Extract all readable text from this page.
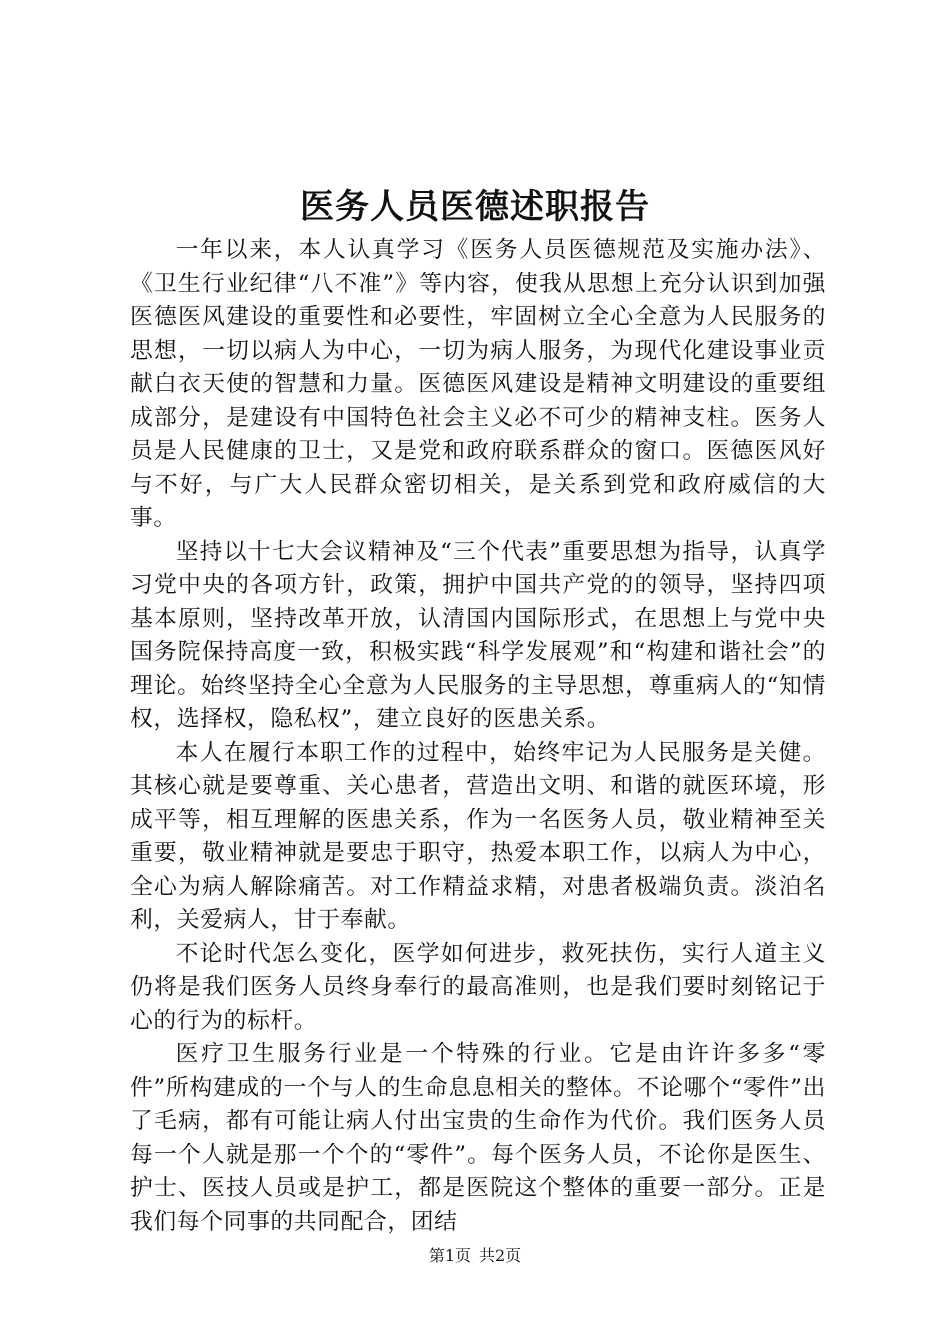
医务人员医德述职报告

一年以来，本人认真学习《医务人员医德规范及实施办法》、《卫生行业纪律“八不准”》等内容，使我从思想上充分认识到加强医德医风建设的重要性和必要性，牢固树立全心全意为人民服务的思想，一切以病人为中心，一切为病人服务，为现代化建设事业贡献白衣天使的智慧和力量。医德医风建设是精神文明建设的重要组成部分，是建设有中国特色社会主义必不可少的精神支柱。医务人员是人民健康的卫士，又是党和政府联系群众的窗口。医德医风好与不好，与广大人民群众密切相关，是关系到党和政府威信的大事。

坚持以十七大会议精神及“三个代表”重要思想为指导，认真学习党中央的各项方针，政策，拥护中国共产党的的领导，坚持四项基本原则，坚持改革开放，认清国内国际形式，在思想上与党中央国务院保持高度一致，积极实践“科学发展观”和“构建和谐社会”的理论。始终坚持全心全意为人民服务的主导思想，尊重病人的“知情权，选择权，隐私权”，建立良好的医患关系。

本人在履行本职工作的过程中，始终牢记为人民服务是关健。其核心就是要尊重、关心患者，营造出文明、和谐的就医环境，形成平等，相互理解的医患关系，作为一名医务人员，敬业精神至关重要，敬业精神就是要忠于职守，热爱本职工作，以病人为中心，全心为病人解除痛苦。对工作精益求精，对患者极端负责。淡泊名利，关爱病人，甘于奉献。

不论时代怎么变化，医学如何进步，救死扶伤，实行人道主义仍将是我们医务人员终身奉行的最高准则，也是我们要时刻铭记于心的行为的标杆。

医疗卫生服务行业是一个特殊的行业。它是由许许多多“零件”所构建成的一个与人的生命息息相关的整体。不论哪个“零件”出了毛病，都有可能让病人付出宝贵的生命作为代价。我们医务人员每一个人就是那一个个的“零件”。每个医务人员，不论你是医生、护士、医技人员或是护工，都是医院这个整体的重要一部分。正是我们每个同事的共同配合，团结

第1页 共2页
